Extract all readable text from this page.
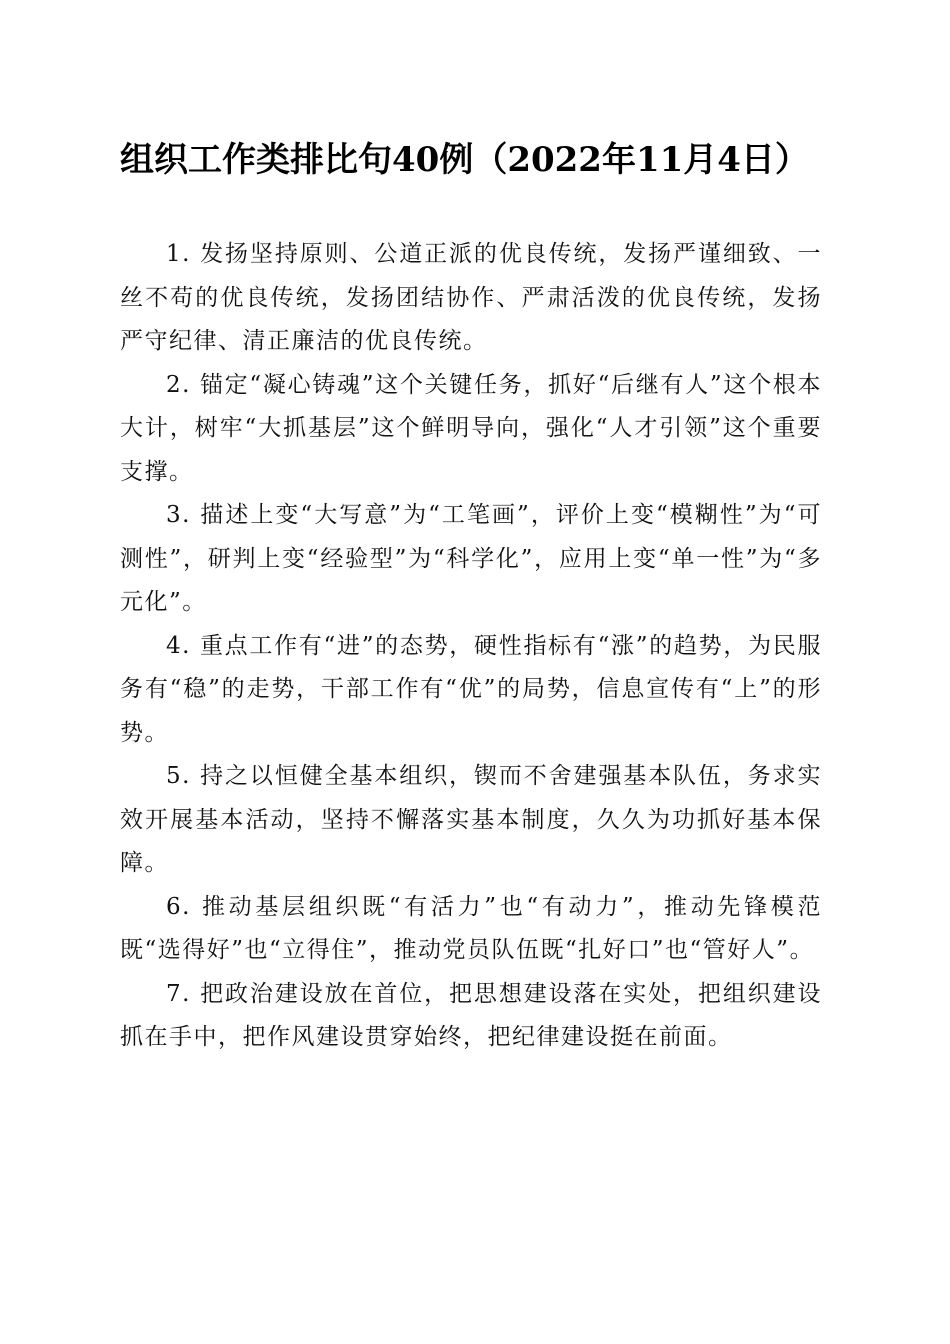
组织工作类排比句40例（2022年11月4日）

1. 发扬坚持原则、公道正派的优良传统，发扬严谨细致、一丝不苟的优良传统，发扬团结协作、严肃活泼的优良传统，发扬严守纪律、清正廉洁的优良传统。

2. 锚定“凝心铸魂”这个关键任务，抓好“后继有人”这个根本大计，树牢“大抓基层”这个鲜明导向，强化“人才引领”这个重要支撑。

3. 描述上变“大写意”为“工笔画”，评价上变“模糊性”为“可测性”，研判上变“经验型”为“科学化”，应用上变“单一性”为“多元化”。

4. 重点工作有“进”的态势，硬性指标有“涨”的趋势，为民服务有“稳”的走势，干部工作有“优”的局势，信息宣传有“上”的形势。

5. 持之以恒健全基本组织，锲而不舍建强基本队伍，务求实效开展基本活动，坚持不懈落实基本制度，久久为功抓好基本保障。

6. 推动基层组织既“有活力”也“有动力”，推动先锋模范既“选得好”也“立得住”，推动党员队伍既“扎好口”也“管好人”。

7. 把政治建设放在首位，把思想建设落在实处，把组织建设抓在手中，把作风建设贯穿始终，把纪律建设挺在前面。
